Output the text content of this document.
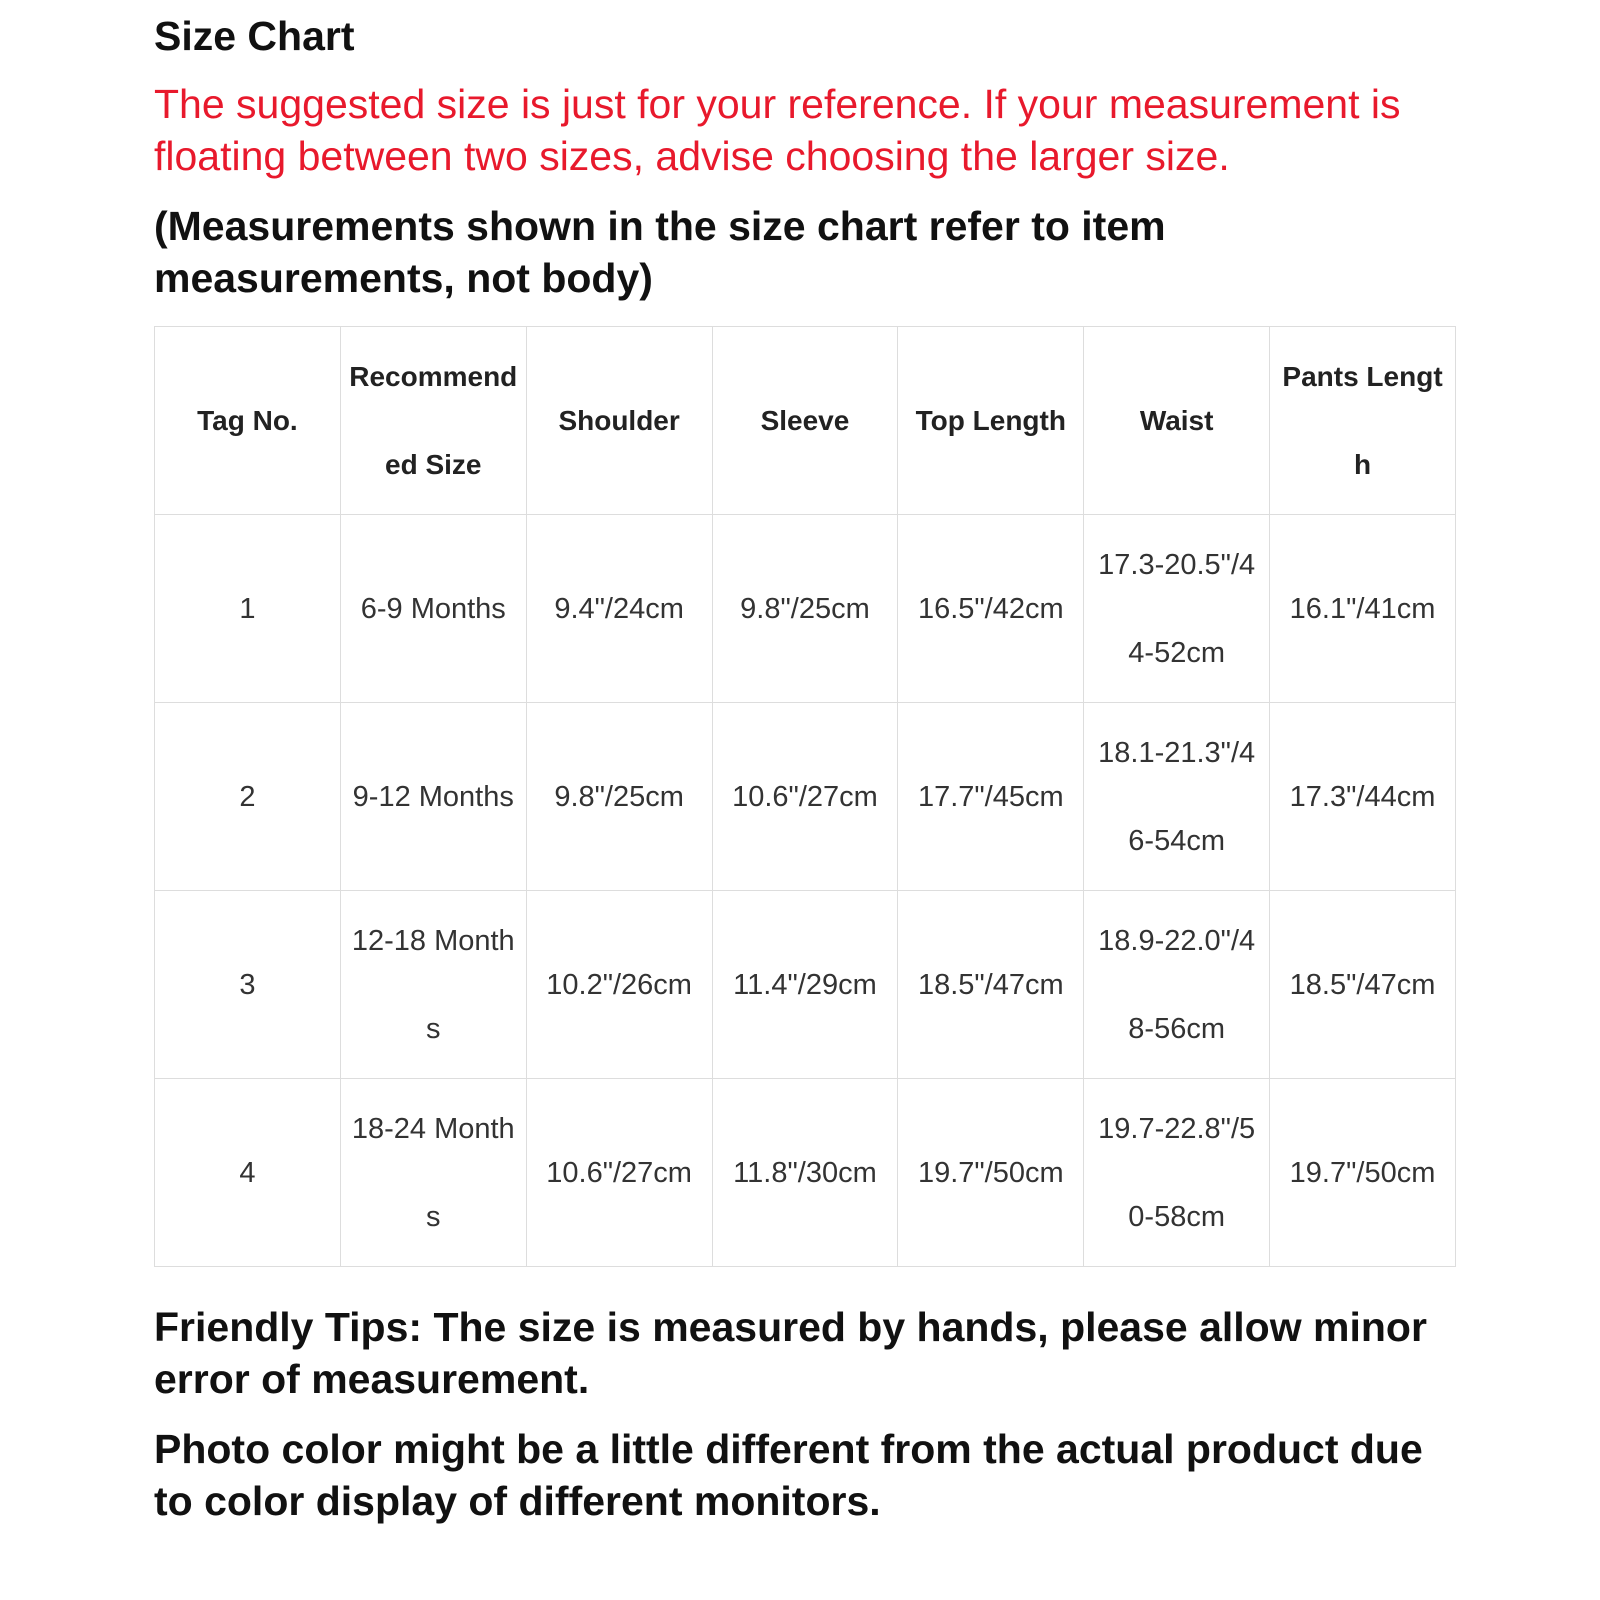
Size Chart

The suggested size is just for your reference. If your measurement is floating between two sizes, advise choosing the larger size.

(Measurements shown in the size chart refer to item measurements, not body)

Tag No.	Recommended Size	Shoulder	Sleeve	Top Length	Waist	Pants Length
1	6-9 Months	9.4"/24cm	9.8"/25cm	16.5"/42cm	17.3-20.5"/44-52cm	16.1"/41cm
2	9-12 Months	9.8"/25cm	10.6"/27cm	17.7"/45cm	18.1-21.3"/46-54cm	17.3"/44cm
3	12-18 Months	10.2"/26cm	11.4"/29cm	18.5"/47cm	18.9-22.0"/48-56cm	18.5"/47cm
4	18-24 Months	10.6"/27cm	11.8"/30cm	19.7"/50cm	19.7-22.8"/50-58cm	19.7"/50cm

Friendly Tips: The size is measured by hands, please allow minor error of measurement.

Photo color might be a little different from the actual product due to color display of different monitors.
